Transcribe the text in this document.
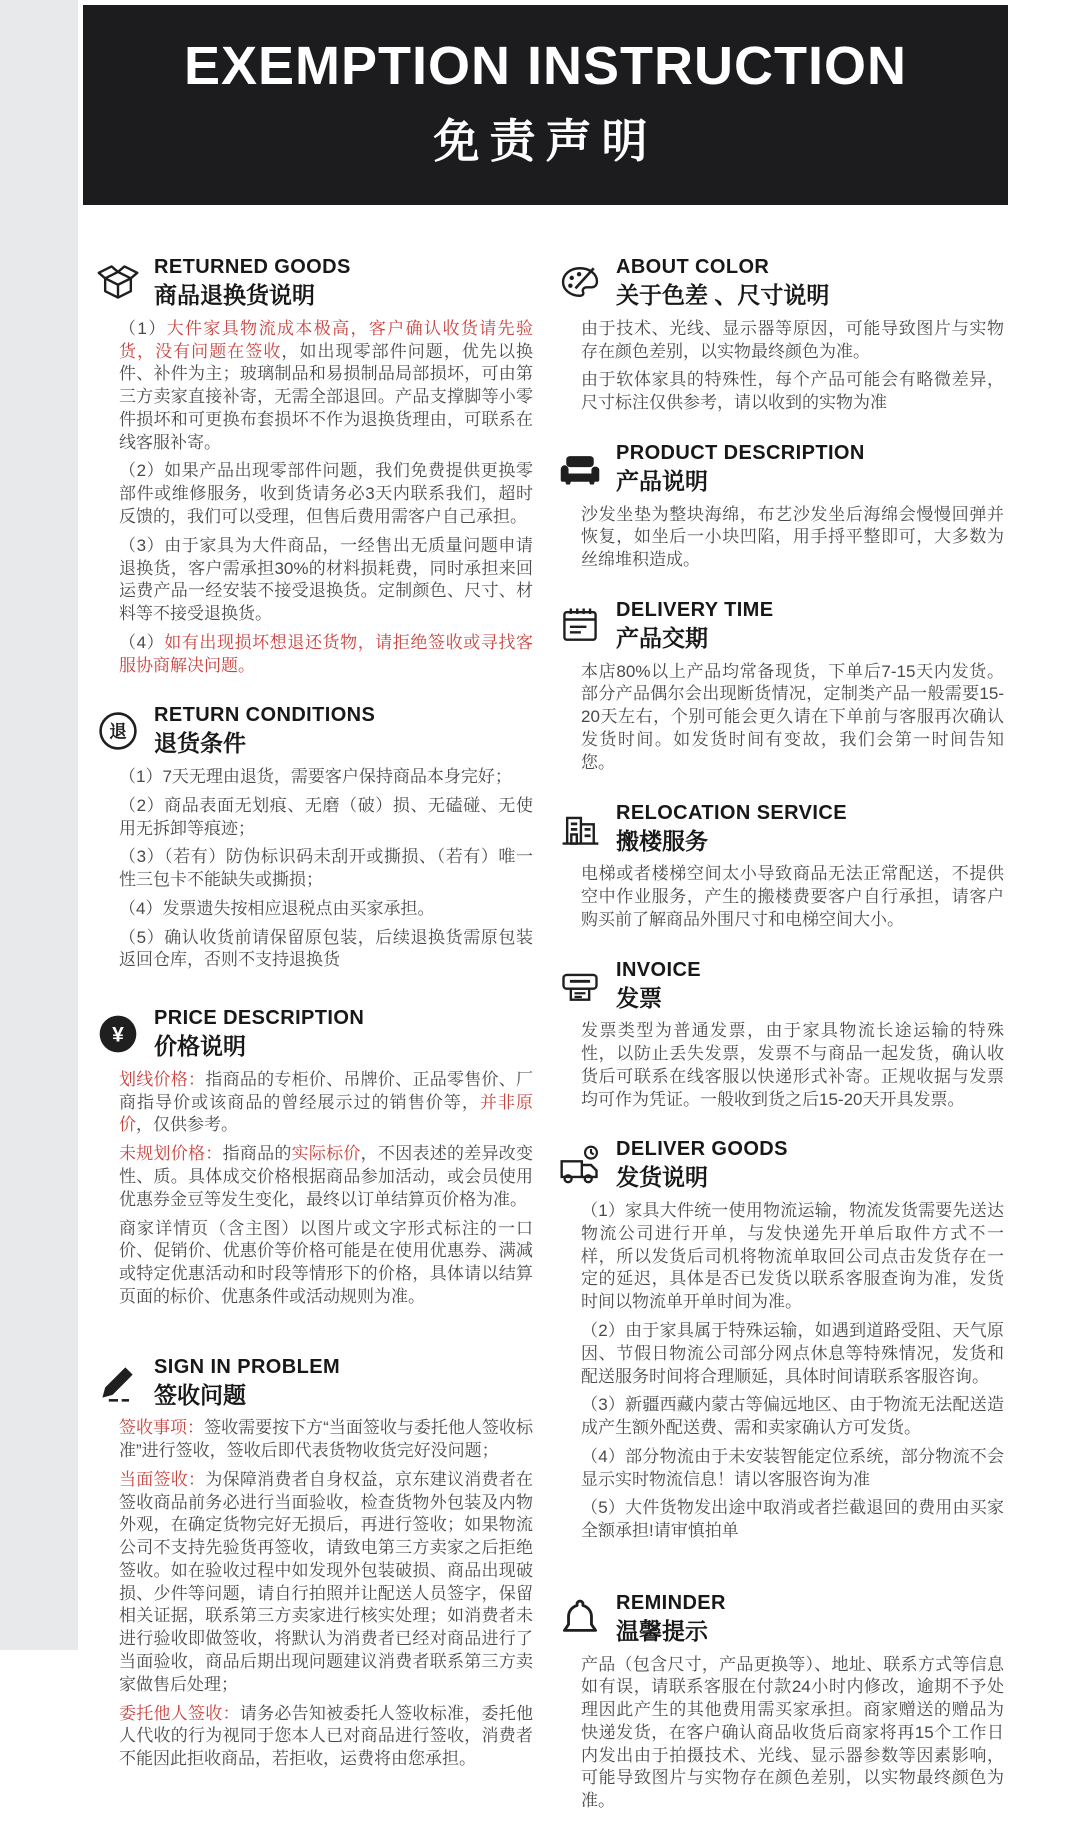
EXEMPTION INSTRUCTION
免责声明
RETURNED GOODS
商品退换货说明

（1）大件家具物流成本极高，客户确认收货请先验货，没有问题在签收，如出现零部件问题，优先以换件、补件为主；玻璃制品和易损制品局部损坏，可由第三方卖家直接补寄，无需全部退回。产品支撑脚等小零件损坏和可更换布套损坏不作为退换货理由，可联系在线客服补寄。

（2）如果产品出现零部件问题，我们免费提供更换零部件或维修服务，收到货请务必3天内联系我们，超时反馈的，我们可以受理，但售后费用需客户自己承担。

（3）由于家具为大件商品，一经售出无质量问题申请退换货，客户需承担30%的材料损耗费，同时承担来回运费产品一经安装不接受退换货。定制颜色、尺寸、材料等不接受退换货。

（4）如有出现损坏想退还货物，请拒绝签收或寻找客服协商解决问题。

退
RETURN CONDITIONS
退货条件

（1）7天无理由退货，需要客户保持商品本身完好；

（2）商品表面无划痕、无磨（破）损、无磕碰、无使用无拆卸等痕迹；

（3）（若有）防伪标识码未刮开或撕损、（若有）唯一性三包卡不能缺失或撕损；

（4）发票遗失按相应退税点由买家承担。

（5）确认收货前请保留原包装，后续退换货需原包装返回仓库，否则不支持退换货

¥
PRICE DESCRIPTION
价格说明

划线价格：指商品的专柜价、吊牌价、正品零售价、厂商指导价或该商品的曾经展示过的销售价等，并非原价，仅供参考。

未规划价格：指商品的实际标价，不因表述的差异改变性、质。具体成交价格根据商品参加活动，或会员使用优惠券金豆等发生变化，最终以订单结算页价格为准。

商家详情页（含主图）以图片或文字形式标注的一口价、促销价、优惠价等价格可能是在使用优惠券、满减或特定优惠活动和时段等情形下的价格，具体请以结算页面的标价、优惠条件或活动规则为准。

SIGN IN PROBLEM
签收问题

签收事项：签收需要按下方“当面签收与委托他人签收标准”进行签收，签收后即代表货物收货完好没问题；

当面签收：为保障消费者自身权益，京东建议消费者在签收商品前务必进行当面验收，检查货物外包装及内物外观，在确定货物完好无损后，再进行签收；如果物流公司不支持先验货再签收，请致电第三方卖家之后拒绝签收。如在验收过程中如发现外包装破损、商品出现破损、少件等问题，请自行拍照并让配送人员签字，保留相关证据，联系第三方卖家进行核实处理；如消费者未进行验收即做签收，将默认为消费者已经对商品进行了当面验收，商品后期出现问题建议消费者联系第三方卖家做售后处理；

委托他人签收：请务必告知被委托人签收标准，委托他人代收的行为视同于您本人已对商品进行签收，消费者不能因此拒收商品，若拒收，运费将由您承担。

ABOUT COLOR
关于色差 、尺寸说明

由于技术、光线、显示器等原因，可能导致图片与实物存在颜色差别，以实物最终颜色为准。

由于软体家具的特殊性，每个产品可能会有略微差异，尺寸标注仅供参考，请以收到的实物为准

PRODUCT DESCRIPTION
产品说明

沙发坐垫为整块海绵，布艺沙发坐后海绵会慢慢回弹并恢复，如坐后一小块凹陷，用手捋平整即可，大多数为丝绵堆积造成。

DELIVERY TIME
产品交期

本店80%以上产品均常备现货，下单后7-15天内发货。部分产品偶尔会出现断货情况，定制类产品一般需要15-20天左右，个别可能会更久请在下单前与客服再次确认发货时间。如发货时间有变故，我们会第一时间告知您。

RELOCATION SERVICE
搬楼服务

电梯或者楼梯空间太小导致商品无法正常配送，不提供空中作业服务，产生的搬楼费要客户自行承担，请客户购买前了解商品外围尺寸和电梯空间大小。

INVOICE
发票

发票类型为普通发票，由于家具物流长途运输的特殊性，以防止丢失发票，发票不与商品一起发货，确认收货后可联系在线客服以快递形式补寄。正规收据与发票均可作为凭证。一般收到货之后15-20天开具发票。

DELIVER GOODS
发货说明

（1）家具大件统一使用物流运输，物流发货需要先送达物流公司进行开单，与发快递先开单后取件方式不一样，所以发货后司机将物流单取回公司点击发货存在一定的延迟，具体是否已发货以联系客服查询为准，发货时间以物流单开单时间为准。

（2）由于家具属于特殊运输，如遇到道路受阻、天气原因、节假日物流公司部分网点休息等特殊情况，发货和配送服务时间将合理顺延，具体时间请联系客服咨询。

（3）新疆西藏内蒙古等偏远地区、由于物流无法配送造成产生额外配送费、需和卖家确认方可发货。

（4）部分物流由于未安装智能定位系统，部分物流不会显示实时物流信息！请以客服咨询为准

（5）大件货物发出途中取消或者拦截退回的费用由买家全额承担!请审慎拍单

REMINDER
温馨提示

产品（包含尺寸，产品更换等）、地址、联系方式等信息如有误，请联系客服在付款24小时内修改，逾期不予处理因此产生的其他费用需买家承担。商家赠送的赠品为快递发货，在客户确认商品收货后商家将再15个工作日内发出由于拍摄技术、光线、显示器参数等因素影响，可能导致图片与实物存在颜色差别，以实物最终颜色为准。
